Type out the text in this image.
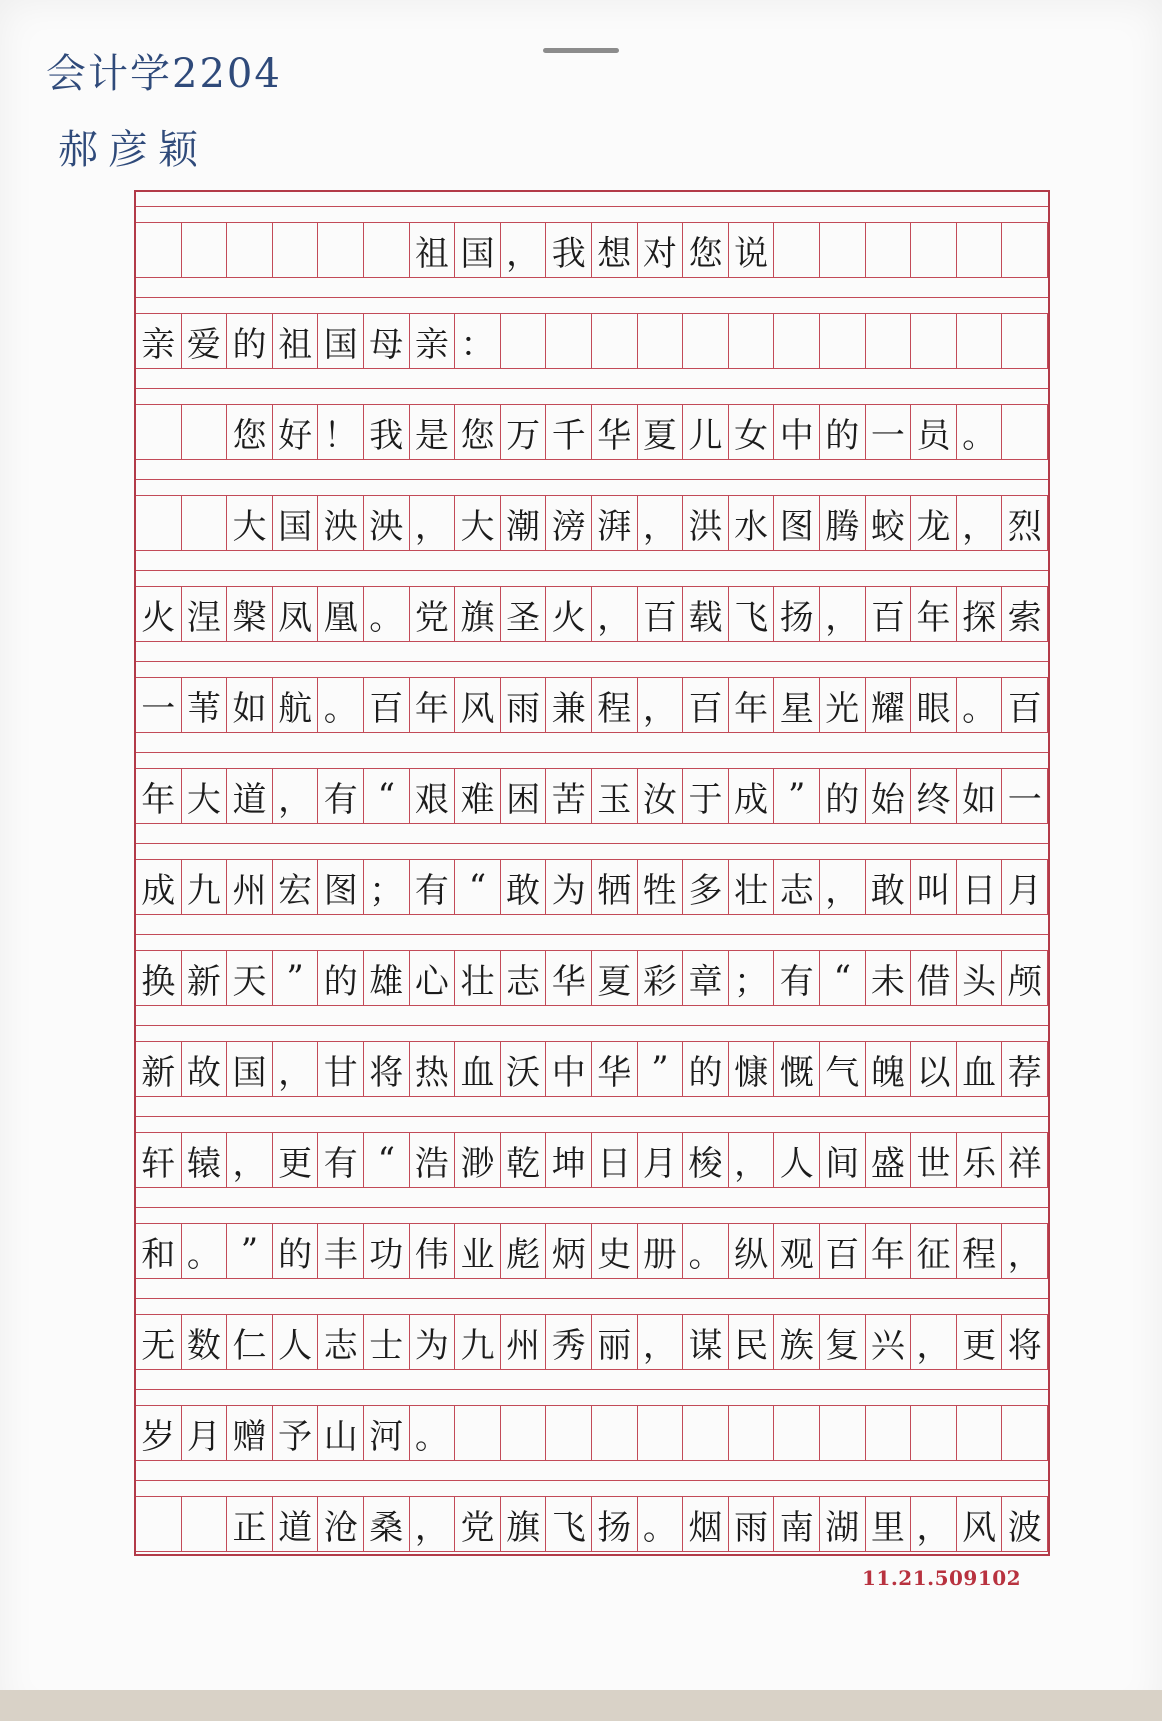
会计学2204
郝彦颖
祖 国 ， 我 想 对 您 说
亲 爱 的 祖 国 母 亲 ：
您 好 ！ 我 是 您 万 千 华 夏 儿 女 中 的 一 员 。
大 国 泱 泱 ， 大 潮 滂 湃 ， 洪 水 图 腾 蛟 龙 ， 烈
火 涅 槃 凤 凰 。 党 旗 圣 火 ， 百 载 飞 扬 ， 百 年 探 索
一 苇 如 航 。 百 年 风 雨 兼 程 ， 百 年 星 光 耀 眼 。 百
年 大 道 ， 有 “ 艰 难 困 苦 玉 汝 于 成 ” 的 始 终 如 一
成 九 州 宏 图 ； 有 “ 敢 为 牺 牲 多 壮 志 ， 敢 叫 日 月
换 新 天 ” 的 雄 心 壮 志 华 夏 彩 章 ； 有 “ 未 借 头 颅
新 故 国 ， 甘 将 热 血 沃 中 华 ” 的 慷 慨 气 魄 以 血 荐
轩 辕 ， 更 有 “ 浩 渺 乾 坤 日 月 梭 ， 人 间 盛 世 乐 祥
和 。 ” 的 丰 功 伟 业 彪 炳 史 册 。 纵 观 百 年 征 程 ，
无 数 仁 人 志 士 为 九 州 秀 丽 ， 谋 民 族 复 兴 ， 更 将
岁 月 赠 予 山 河 。
正 道 沧 桑 ， 党 旗 飞 扬 。 烟 雨 南 湖 里 ， 风 波
11.21.509102
